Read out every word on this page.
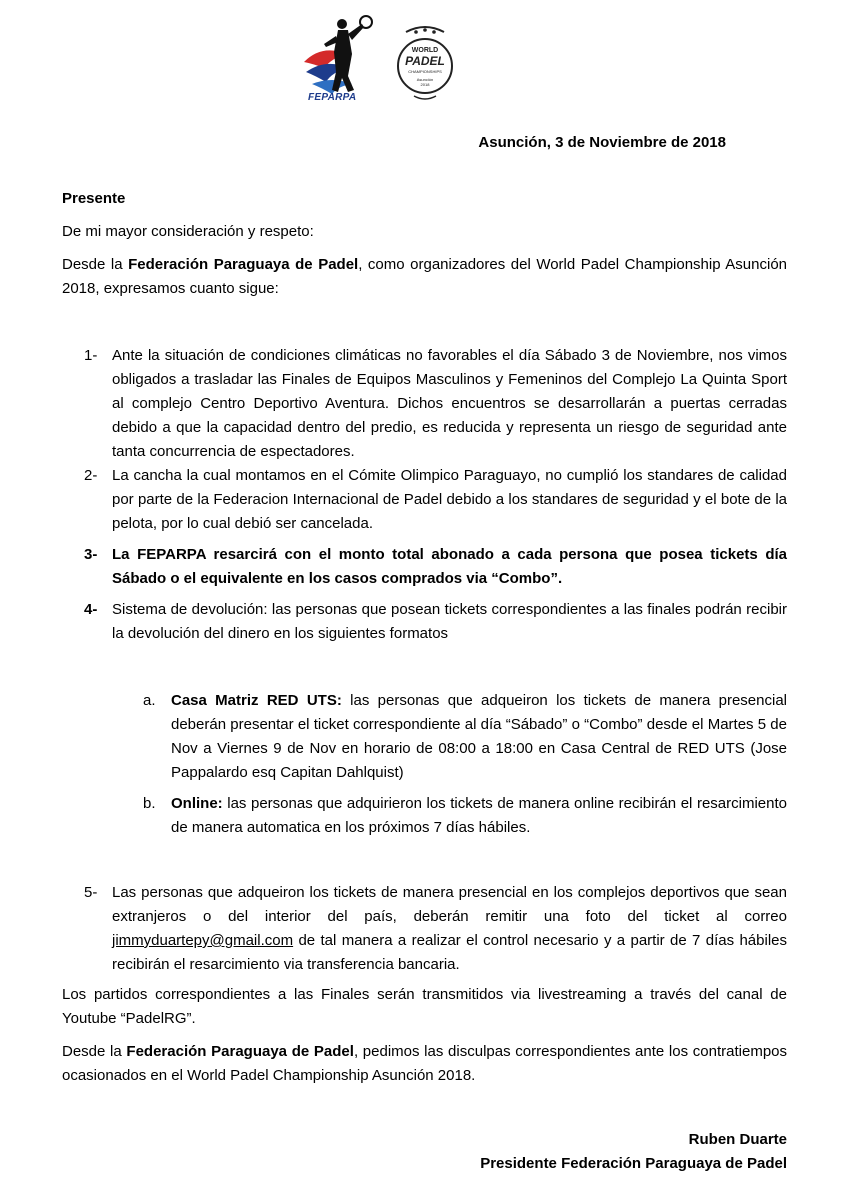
FEPARPA
WORLD
PADEL
CHAMPIONSHIPS
Asunción
2018
Asunción, 3 de Noviembre de 2018
Presente
De mi mayor consideración y respeto:
Desde la Federación Paraguaya de Padel, como organizadores del World Padel Championship Asunción 2018, expresamos cuanto sigue:
1- Ante la situación de condiciones climáticas no favorables el día Sábado 3 de Noviembre, nos vimos obligados a trasladar las Finales de Equipos Masculinos y Femeninos del Complejo La Quinta Sport al complejo Centro Deportivo Aventura. Dichos encuentros se desarrollarán a puertas cerradas debido a que la capacidad dentro del predio, es reducida y representa un riesgo de seguridad ante tanta concurrencia de espectadores.
2- La cancha la cual montamos en el Cómite Olimpico Paraguayo, no cumplió los standares de calidad por parte de la Federacion Internacional de Padel debido a los standares de seguridad y el bote de la pelota, por lo cual debió ser cancelada.
3- La FEPARPA resarcirá con el monto total abonado a cada persona que posea tickets día Sábado o el equivalente en los casos comprados via “Combo”.
4- Sistema de devolución: las personas que posean tickets correspondientes a las finales podrán recibir la devolución del dinero en los siguientes formatos
a. Casa Matriz RED UTS: las personas que adqueiron los tickets de manera presencial deberán presentar el ticket correspondiente al día “Sábado” o “Combo” desde el Martes 5 de Nov a Viernes 9 de Nov en horario de 08:00 a 18:00 en Casa Central de RED UTS (Jose Pappalardo esq Capitan Dahlquist)
b. Online: las personas que adquirieron los tickets de manera online recibirán el resarcimiento de manera automatica en los próximos 7 días hábiles.
5- Las personas que adqueiron los tickets de manera presencial en los complejos deportivos que sean extranjeros o del interior del país, deberán remitir una foto del ticket al correo jimmyduartepy@gmail.com de tal manera a realizar el control necesario y a partir de 7 días hábiles recibirán el resarcimiento via transferencia bancaria.
Los partidos correspondientes a las Finales serán transmitidos via livestreaming a través del canal de Youtube “PadelRG”.
Desde la Federación Paraguaya de Padel, pedimos las disculpas correspondientes ante los contratiempos ocasionados en el World Padel Championship Asunción 2018.
Ruben Duarte
Presidente Federación Paraguaya de Padel
